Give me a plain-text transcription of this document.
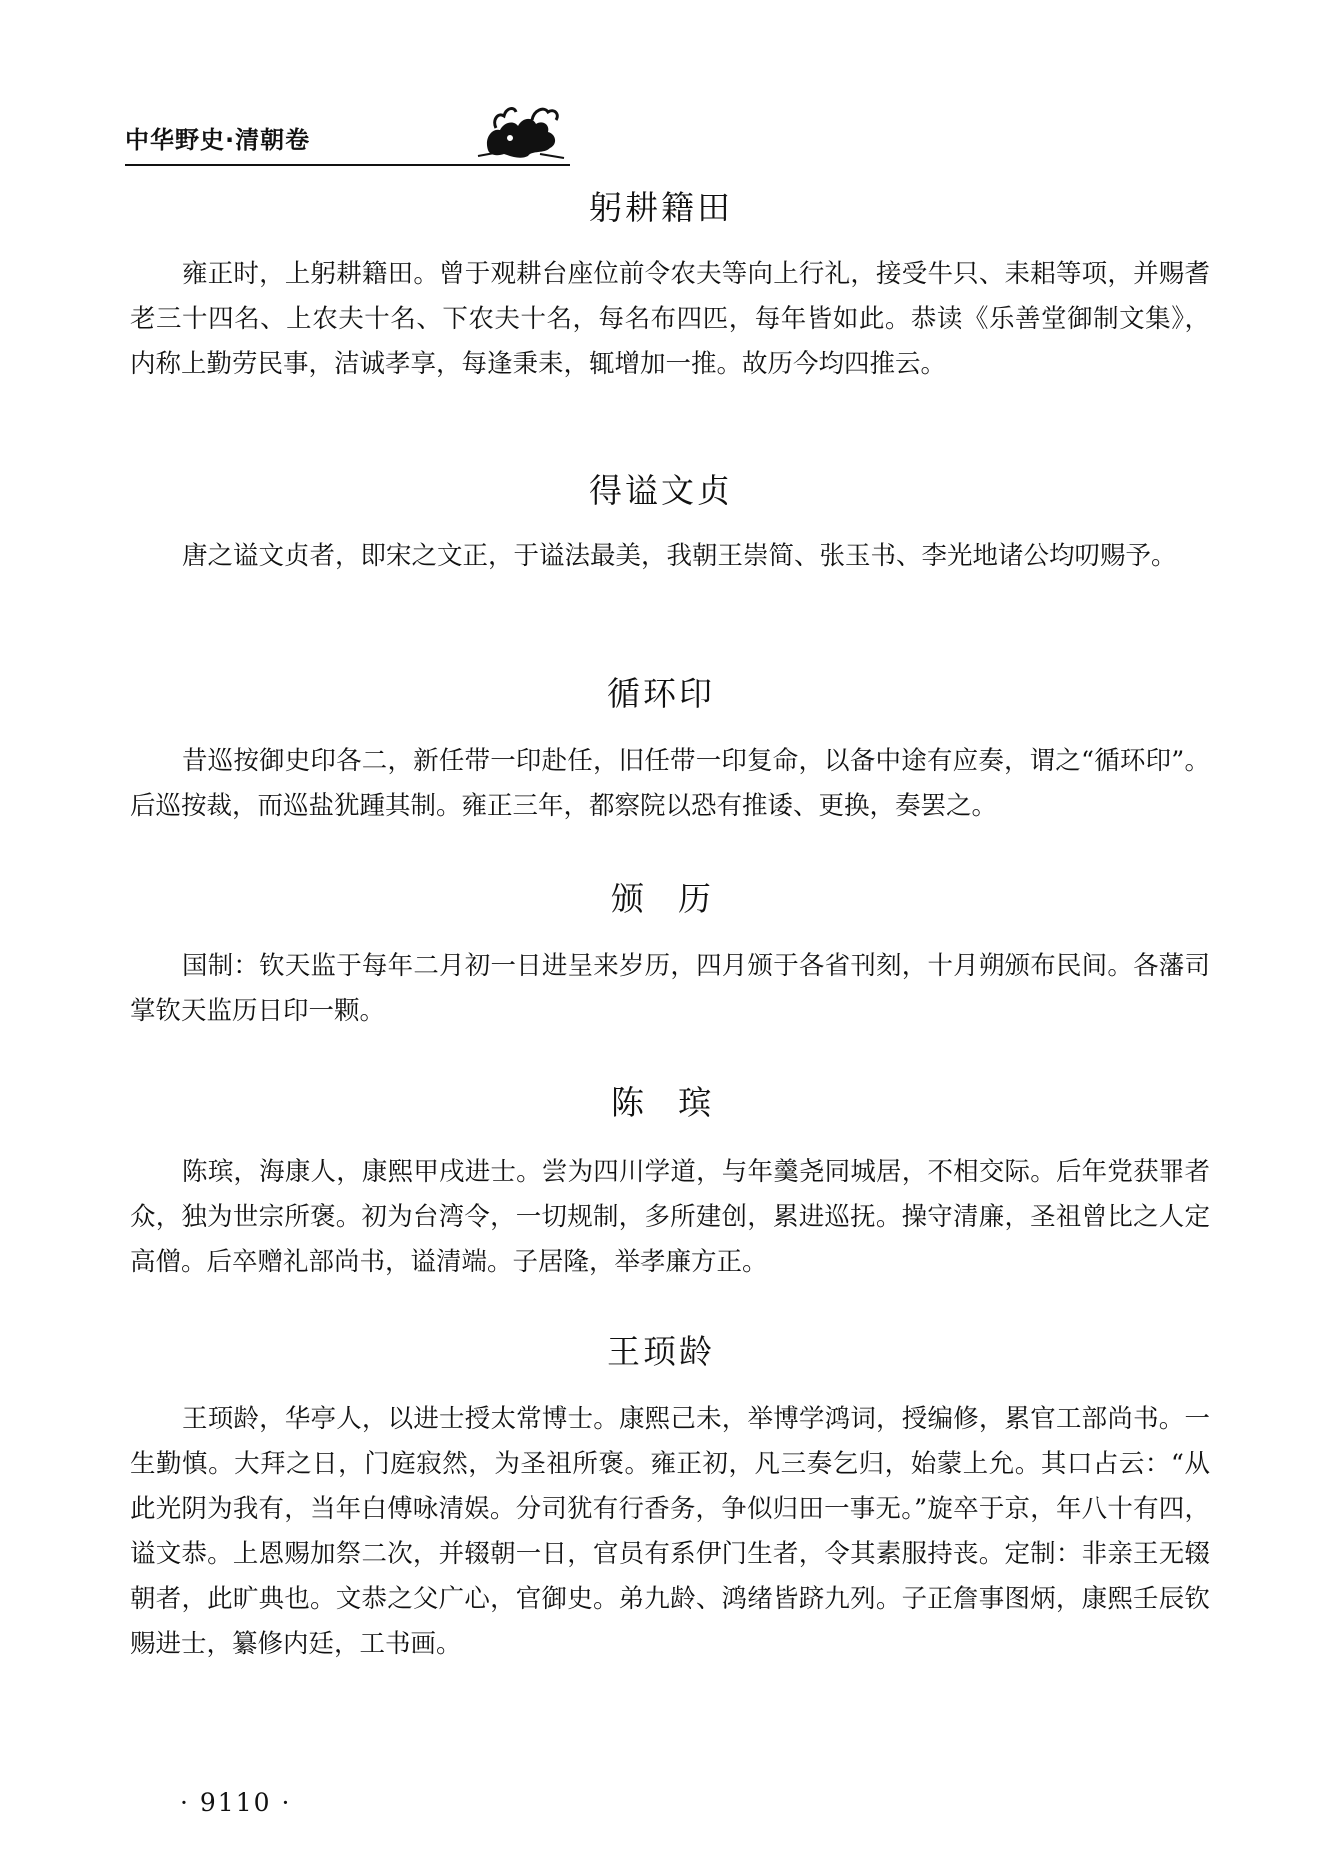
中华野史·清朝卷
躬耕籍田

雍正时，上躬耕籍田。曾于观耕台座位前令农夫等向上行礼，接受牛只、耒耜等项，并赐耆老三十四名、上农夫十名、下农夫十名，每名布四匹，每年皆如此。恭读《乐善堂御制文集》，内称上勤劳民事，洁诚孝享，每逢秉耒，辄增加一推。故历今均四推云。

得谥文贞

唐之谥文贞者，即宋之文正，于谥法最美，我朝王崇简、张玉书、李光地诸公均叨赐予。

循环印

昔巡按御史印各二，新任带一印赴任，旧任带一印复命，以备中途有应奏，谓之“循环印”。后巡按裁，而巡盐犹踵其制。雍正三年，都察院以恐有推诿、更换，奏罢之。

颁历

国制：钦天监于每年二月初一日进呈来岁历，四月颁于各省刊刻，十月朔颁布民间。各藩司掌钦天监历日印一颗。

陈瑸

陈瑸，海康人，康熙甲戌进士。尝为四川学道，与年羹尧同城居，不相交际。后年党获罪者众，独为世宗所褒。初为台湾令，一切规制，多所建创，累进巡抚。操守清廉，圣祖曾比之人定高僧。后卒赠礼部尚书，谥清端。子居隆，举孝廉方正。

王顼龄

王顼龄，华亭人，以进士授太常博士。康熙己未，举博学鸿词，授编修，累官工部尚书。一生勤慎。大拜之日，门庭寂然，为圣祖所褒。雍正初，凡三奏乞归，始蒙上允。其口占云：“从此光阴为我有，当年白傅咏清娱。分司犹有行香务，争似归田一事无。”旋卒于京，年八十有四，谥文恭。上恩赐加祭二次，并辍朝一日，官员有系伊门生者，令其素服持丧。定制：非亲王无辍朝者，此旷典也。文恭之父广心，官御史。弟九龄、鸿绪皆跻九列。子正詹事图炳，康熙壬辰钦赐进士，纂修内廷，工书画。

· 9110 ·
